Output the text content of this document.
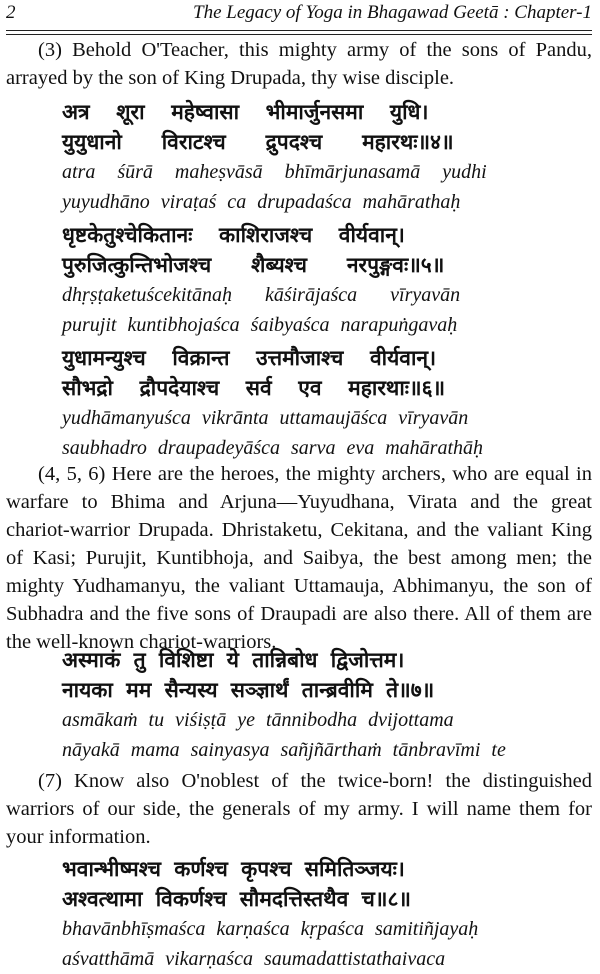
2	The Legacy of Yoga in Bhagawad Geetā : Chapter-1
(3) Behold O'Teacher, this mighty army of the sons of Pandu, arrayed by the son of King Drupada, thy wise disciple.
अत्र  शूरा  महेष्वासा  भीमार्जुनसमा  युधि।
युयुधानो   विराटश्च   द्रुपदश्च   महारथः॥४॥
atra  śūrā  maheṣvāsā  bhīmārjunasamā  yudhi
yuyudhāno viraṭaś ca drupadaśca mahārathaḥ
धृष्टकेतुश्चेकितानः  काशिराजश्च  वीर्यवान्।
पुरुजित्कुन्तिभोजश्च   शैब्यश्च   नरपुङ्गवः॥५॥
dhṛṣṭaketuścekitānaḥ   kāśirājaśca   vīryavān
purujit kuntibhojaśca śaibyaśca narapuṅgavaḥ
युधामन्युश्च  विक्रान्त  उत्तमौजाश्च  वीर्यवान्।
सौभद्रो  द्रौपदेयाश्च  सर्व  एव  महारथाः॥६॥
yudhāmanyuśca vikrānta uttamaujāśca vīryavān
saubhadro draupadeyāśca sarva eva mahārathāḥ
(4, 5, 6) Here are the heroes, the mighty archers, who are equal in warfare to Bhima and Arjuna—Yuyudhana, Virata and the great chariot-warrior Drupada. Dhristaketu, Cekitana, and the valiant King of Kasi; Purujit, Kuntibhoja, and Saibya, the best among men; the mighty Yudhamanyu, the valiant Uttamauja, Abhimanyu, the son of Subhadra and the five sons of Draupadi are also there. All of them are the well-known chariot-warriors.
अस्माकं तु विशिष्टा ये तान्निबोध द्विजोत्तम।
नायका मम सैन्यस्य सञ्ज्ञार्थं तान्ब्रवीमि ते॥७॥
asmākaṁ tu viśiṣṭā ye tānnibodha dvijottama
nāyakā mama sainyasya sañjñārthaṁ tānbravīmi te
(7) Know also O'noblest of the twice-born! the distinguished warriors of our side, the generals of my army. I will name them for your information.
भवान्भीष्मश्च कर्णश्च कृपश्च समितिञ्जयः।
अश्वत्थामा विकर्णश्च सौमदत्तिस्तथैव च॥८॥
bhavānbhīṣmaśca karṇaśca kṛpaśca samitiñjayaḥ
aśvatthāmā vikarṇaśca saumadattistathaivaca
